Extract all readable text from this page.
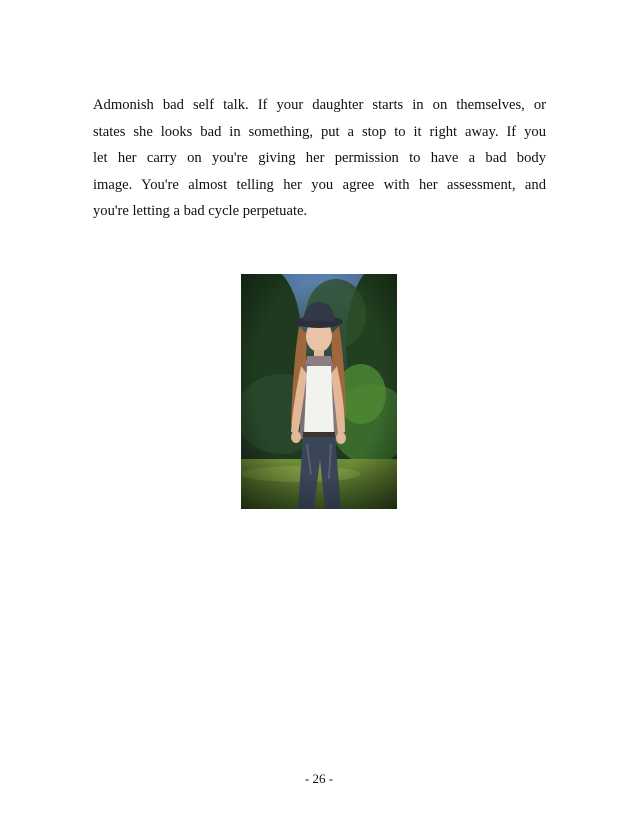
Admonish bad self talk. If your daughter starts in on themselves, or
states she looks bad in something, put a stop to it right away. If you
let her carry on you're giving her permission to have a bad body
image. You're almost telling her you agree with her assessment, and
you're letting a bad cycle perpetuate.
- 26 -
